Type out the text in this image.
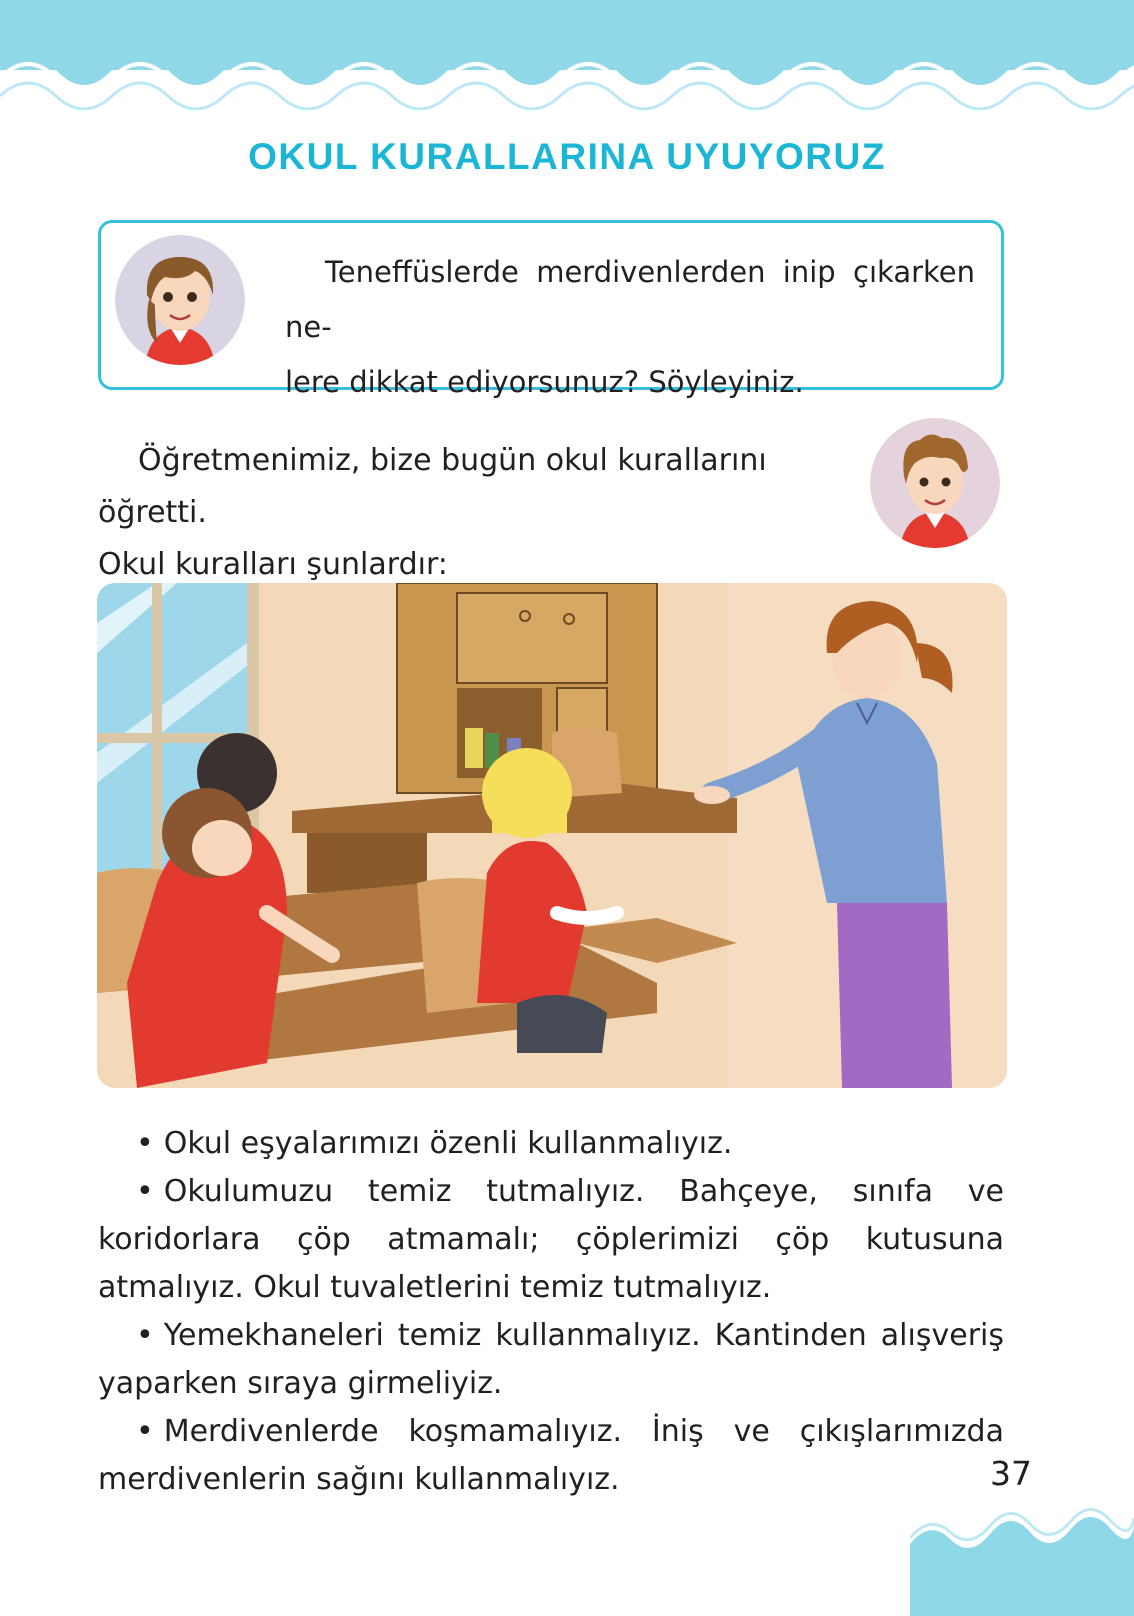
OKUL KURALLARINA UYUYORUZ
Teneffüslerde merdivenlerden inip çıkarken ne-
lere dikkat ediyorsunuz? Söyleyiniz.
Öğretmenimiz, bize bugün okul kurallarını öğretti.
Okul kuralları şunlardır:
• Okul eşyalarımızı özenli kullanmalıyız.
• Okulumuzu temiz tutmalıyız. Bahçeye, sınıfa ve koridorlara çöp atmamalı; çöplerimizi çöp kutusuna atmalıyız. Okul tuvaletlerini temiz tutmalıyız.
• Yemekhaneleri temiz kullanmalıyız. Kantinden alışveriş yaparken sıraya girmeliyiz.
• Merdivenlerde koşmamalıyız. İniş ve çıkışlarımızda merdivenlerin sağını kullanmalıyız.	37
